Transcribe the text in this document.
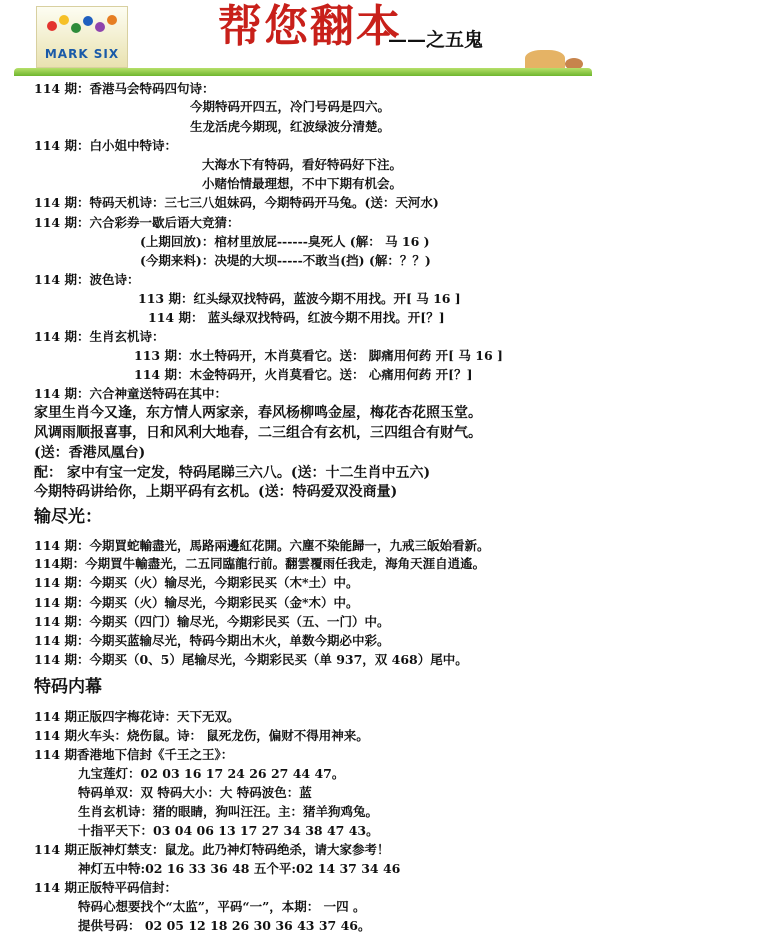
MARK SIX
帮您翻本
——之五鬼
114 期：香港马会特码四句诗：
今期特码开四五，冷门号码是四六。
生龙活虎今期现，红波绿波分清楚。
114 期：白小姐中特诗：
大海水下有特码，看好特码好下注。
小赌怡情最理想，不中下期有机会。
114 期：特码天机诗：三七三八姐妹码，今期特码开马兔。(送：天河水)
114 期：六合彩券一歇后语大竞猜：
(上期回放)：棺材里放屁------臭死人 (解： 马 16 )
(今期来料)：决堤的大坝-----不敢当(挡) (解：？？)
114 期：波色诗：
113 期：红头绿双找特码，蓝波今期不用找。开[ 马 16 ]
114 期： 蓝头绿双找特码，红波今期不用找。开[？]
114 期：生肖玄机诗：
113 期：水土特码开，木肖莫看它。送： 脚痛用何药 开[ 马 16 ]
114 期：木金特码开，火肖莫看它。送： 心痛用何药 开[？]
114 期：六合神童送特码在其中：
家里生肖今又逢，东方情人两家亲，春风杨柳鸣金屋，梅花杏花照玉堂。
风调雨顺报喜事，日和风利大地春，二三组合有玄机，三四组合有财气。
(送：香港凤凰台)
配： 家中有宝一定发，特码尾睇三六八。(送：十二生肖中五六)
今期特码讲给你，上期平码有玄机。(送：特码爱双没商量)
输尽光：
114 期：今期買蛇輸盡光，馬路兩邊紅花開。六塵不染能歸一，九戒三皈始看新。
114期：今期買牛輸盡光，二五同臨龍行前。翻雲覆雨任我走，海角天涯自逍遙。
114 期：今期买（火）输尽光，今期彩民买（木*土）中。
114 期：今期买（火）输尽光，今期彩民买（金*木）中。
114 期：今期买（四门）输尽光，今期彩民买（五、一门）中。
114 期：今期买蓝输尽光，特码今期出木火，单数今期必中彩。
114 期：今期买（0、5）尾输尽光，今期彩民买（单 937，双 468）尾中。
特码内幕
114 期正版四字梅花诗：天下无双。
114 期火车头：烧伤鼠。诗： 鼠死龙伤，偏财不得用神来。
114 期香港地下信封《千王之王》：
九宝莲灯：02 03 16 17 24 26 27 44 47。
特码单双：双 特码大小：大 特码波色：蓝
生肖玄机诗：猪的眼睛，狗叫汪汪。主：猪羊狗鸡兔。
十指平天下：03 04 06 13 17 27 34 38 47 43。
114 期正版神灯禁支：鼠龙。此乃神灯特码绝杀，请大家参考！
神灯五中特:02 16 33 36 48 五个平:02 14 37 34 46
114 期正版特平码信封：
特码心想要找个“太监”，平码“一”，本期： 一四 。
提供号码： 02 05 12 18 26 30 36 43 37 46。
